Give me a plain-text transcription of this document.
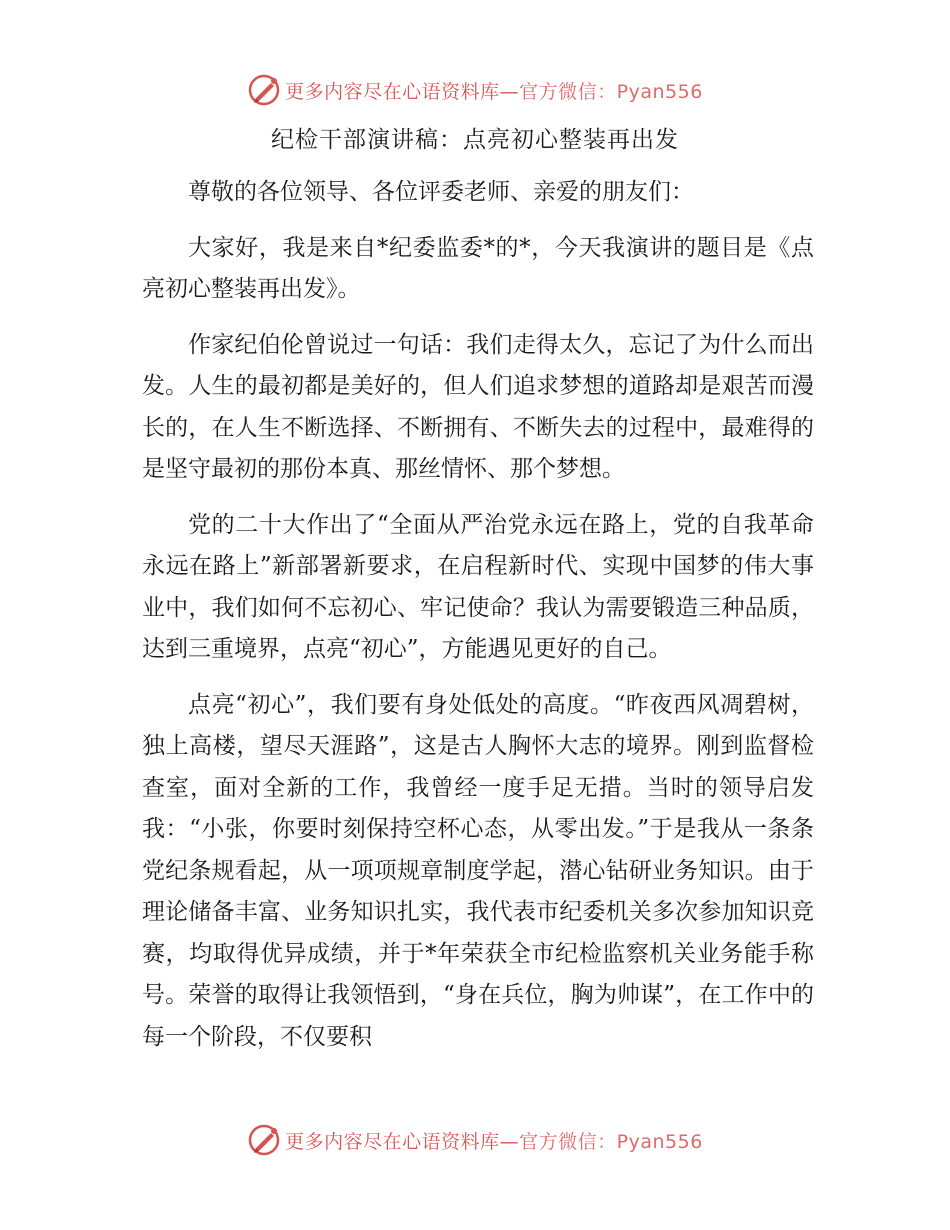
更多内容尽在心语资料库— 官方微信：Pyan556
纪检干部演讲稿：点亮初心整装再出发

尊敬的各位领导、各位评委老师、亲爱的朋友们：

大家好，我是来自*纪委监委*的*，今天我演讲的题目是《点亮初心整装再出发》。

作家纪伯伦曾说过一句话：我们走得太久，忘记了为什么而出发。人生的最初都是美好的，但人们追求梦想的道路却是艰苦而漫长的，在人生不断选择、不断拥有、不断失去的过程中，最难得的是坚守最初的那份本真、那丝情怀、那个梦想。

党的二十大作出了“全面从严治党永远在路上，党的自我革命永远在路上”新部署新要求，在启程新时代、实现中国梦的伟大事业中，我们如何不忘初心、牢记使命？我认为需要锻造三种品质，达到三重境界，点亮“初心”，方能遇见更好的自己。

点亮“初心”，我们要有身处低处的高度。“昨夜西风凋碧树，独上高楼，望尽天涯路”，这是古人胸怀大志的境界。刚到监督检查室，面对全新的工作，我曾经一度手足无措。当时的领导启发我：“小张，你要时刻保持空杯心态，从零出发。”于是我从一条条党纪条规看起，从一项项规章制度学起，潜心钻研业务知识。由于理论储备丰富、业务知识扎实，我代表市纪委机关多次参加知识竞赛，均取得优异成绩，并于*年荣获全市纪检监察机关业务能手称号。荣誉的取得让我领悟到，“身在兵位，胸为帅谋”，在工作中的每一个阶段，不仅要积

更多内容尽在心语资料库— 官方微信：Pyan556
